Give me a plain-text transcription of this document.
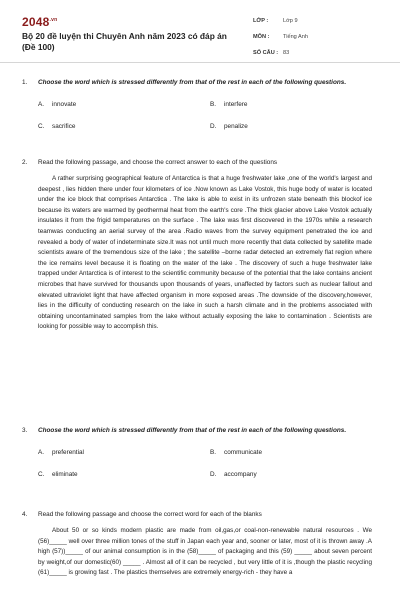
$2048^{.vn}$
Bộ 20 đề luyện thi Chuyên Anh năm 2023 có đáp án (Đề 100)
LỚP :	Lớp 9
MÔN :	Tiếng Anh
SỐ CÂU : 83
1.	Choose the word which is stressed differently from that of the rest in each of the following questions.
A.	innovate	B.	interfere
C.	sacrifice	D.	penalize
2.	Read the following passage, and choose the correct answer to each of the questions

A rather surprising geographical feature of Antarctica is that a huge freshwater lake ,one of the world's largest and deepest , lies hidden there under four kilometers of ice .Now known as Lake Vostok, this huge body of water is located under the ice block that comprises Antarctica . The lake is able to exist in its unfrozen state beneath this blockof ice because its waters are warmed by geothermal heat from the earth's core .The thick glacier above Lake Vostok actually insulates it from the frigid temperatures on the surface . The lake was first discovered in the 1970s while a research teamwas conducting an aerial survey of the area .Radio waves from the survey equipment penetrated the ice and revealed a body of water of indeterminate size.It was not until much more recently that data collected by satellite made scientists aware of the tremendous size of the lake ; the satellite –borne radar detected an extremely flat region where the ice remains level because it is floating on the water of the lake . The discovery of such a huge freshwater lake trapped under Antarctica is of interest to the scientific community because of the potential that the lake contains ancient microbes that have survived for thousands upon thousands of years, unaffected by factors such as nuclear fallout and elevated ultraviolet light that have affected organism in more exposed areas .The downside of the discovery,however, lies in the difficulty of conducting research on the lake in such a harsh climate and in the problems associated with obtaining uncontaminated samples from the lake without actually exposing the lake to contamination . Scientists are looking for possible way to accomplish this.

3.	Choose the word which is stressed differently from that of the rest in each of the following questions.
A.	preferential	B.	communicate
C.	eliminate	D.	accompany
4.	Read the following passage and choose the correct word for each of the blanks

About 50 or so kinds modern plastic are made from oil,gas,or coal-non-renewable natural resources . We (56)_____ well over three million tones of the stuff in Japan each year and, sooner or later, most of it is thrown away .A high (57))_____ of our animal consumption is in the (58)_____ of packaging and this (59) _____ about seven percent by weight,of our domestic(60) _____ . Almost all of it can be recycled , but very little of it is ,though the plastic recycling (61)_____ is growing fast . The plastics themselves are extremely energy-rich - they have a
